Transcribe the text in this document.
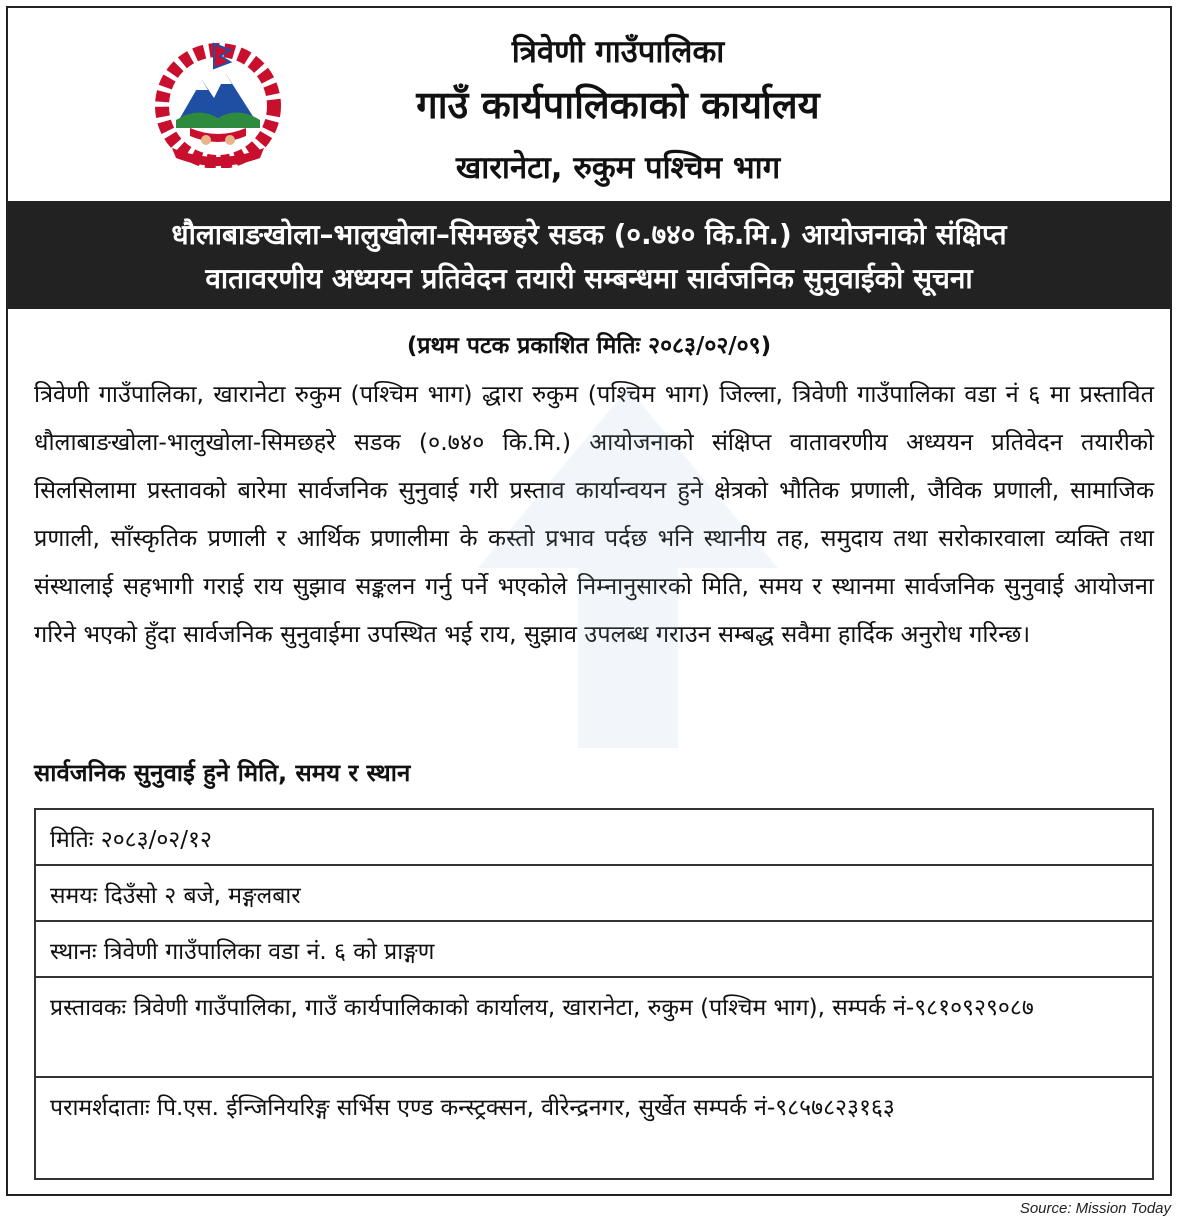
त्रिवेणी गाउँपालिका
गाउँ कार्यपालिकाको कार्यालय
खारानेटा, रुकुम पश्चिम भाग
धौलाबाङखोला–भालुखोला–सिमछहरे सडक (०.७४० कि.मि.) आयोजनाको संक्षिप्त
वातावरणीय अध्ययन प्रतिवेदन तयारी सम्बन्धमा सार्वजनिक सुनुवाईको सूचना
(प्रथम पटक प्रकाशित मितिः २०८३/०२/०९)

त्रिवेणी गाउँपालिका, खारानेटा रुकुम (पश्चिम भाग) द्धारा रुकुम (पश्चिम भाग) जिल्ला, त्रिवेणी गाउँपालिका वडा नं ६ मा प्रस्तावित धौलाबाङखोला-भालुखोला-सिमछहरे सडक (०.७४० कि.मि.) आयोजनाको संक्षिप्त वातावरणीय अध्ययन प्रतिवेदन तयारीको सिलसिलामा प्रस्तावको बारेमा सार्वजनिक सुनुवाई गरी प्रस्ताव कार्यान्वयन हुने क्षेत्रको भौतिक प्रणाली, जैविक प्रणाली, सामाजिक प्रणाली, साँस्कृतिक प्रणाली र आर्थिक प्रणालीमा के कस्तो प्रभाव पर्दछ भनि स्थानीय तह, समुदाय तथा सरोकारवाला व्यक्ति तथा संस्थालाई सहभागी गराई राय सुझाव सङ्कलन गर्नु पर्ने भएकोले निम्नानुसारको मिति, समय र स्थानमा सार्वजनिक सुनुवाई आयोजना गरिने भएको हुँदा सार्वजनिक सुनुवाईमा उपस्थित भई राय, सुझाव उपलब्ध गराउन सम्बद्ध सवैमा हार्दिक अनुरोध गरिन्छ।

सार्वजनिक सुनुवाई हुने मिति, समय र स्थान
मितिः २०८३/०२/१२
समयः दिउँसो २ बजे, मङ्गलबार
स्थानः त्रिवेणी गाउँपालिका वडा नं. ६ को प्राङ्गण
प्रस्तावकः त्रिवेणी गाउँपालिका, गाउँ कार्यपालिकाको कार्यालय, खारानेटा, रुकुम (पश्चिम भाग), सम्पर्क नं-९८१०९२९०८७
परामर्शदाताः पि.एस. ईन्जिनियरिङ्ग सर्भिस एण्ड कन्स्ट्रक्सन, वीरेन्द्रनगर, सुर्खेत सम्पर्क नं-९८५७८२३१६३
Source: Mission Today
